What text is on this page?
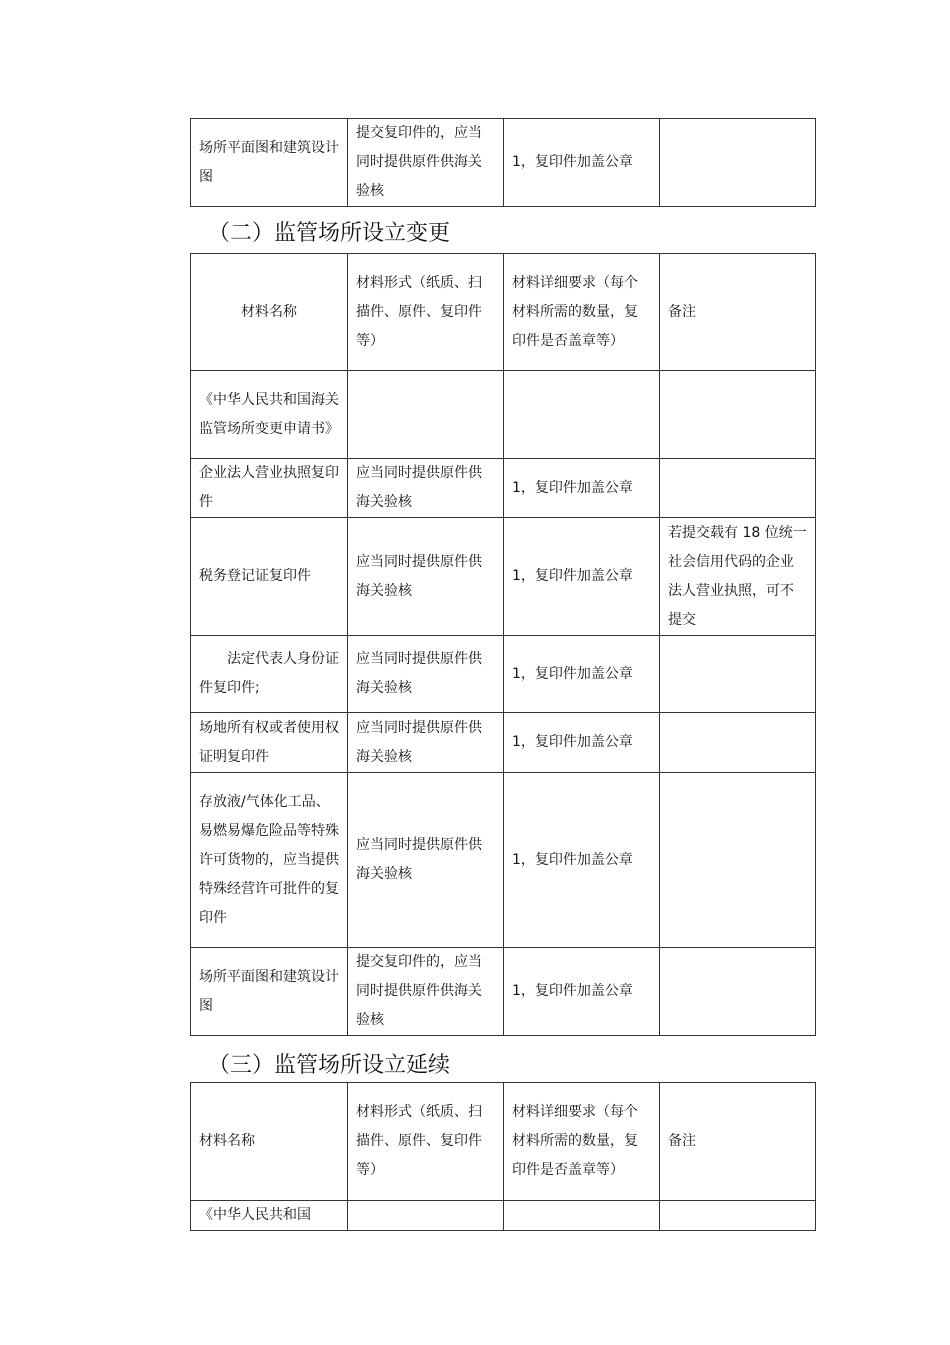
场所平面图和建筑设计图	提交复印件的，应当同时提供原件供海关验核	1，复印件加盖公章	
（二）监管场所设立变更
材料名称	材料形式（纸质、扫描件、原件、复印件等）	材料详细要求（每个材料所需的数量，复印件是否盖章等）	备注
《中华人民共和国海关监管场所变更申请书》			
企业法人营业执照复印件	应当同时提供原件供海关验核	1，复印件加盖公章	
税务登记证复印件	应当同时提供原件供海关验核	1，复印件加盖公章	若提交载有 18 位统一社会信用代码的企业法人营业执照，可不提交
法定代表人身份证件复印件;	应当同时提供原件供海关验核	1，复印件加盖公章	
场地所有权或者使用权证明复印件	应当同时提供原件供海关验核	1，复印件加盖公章	
存放液/气体化工品、易燃易爆危险品等特殊许可货物的，应当提供特殊经营许可批件的复印件	应当同时提供原件供海关验核	1，复印件加盖公章	
场所平面图和建筑设计图	提交复印件的，应当同时提供原件供海关验核	1，复印件加盖公章	
（三）监管场所设立延续
材料名称	材料形式（纸质、扫描件、原件、复印件等）	材料详细要求（每个材料所需的数量，复印件是否盖章等）	备注
《中华人民共和国			
